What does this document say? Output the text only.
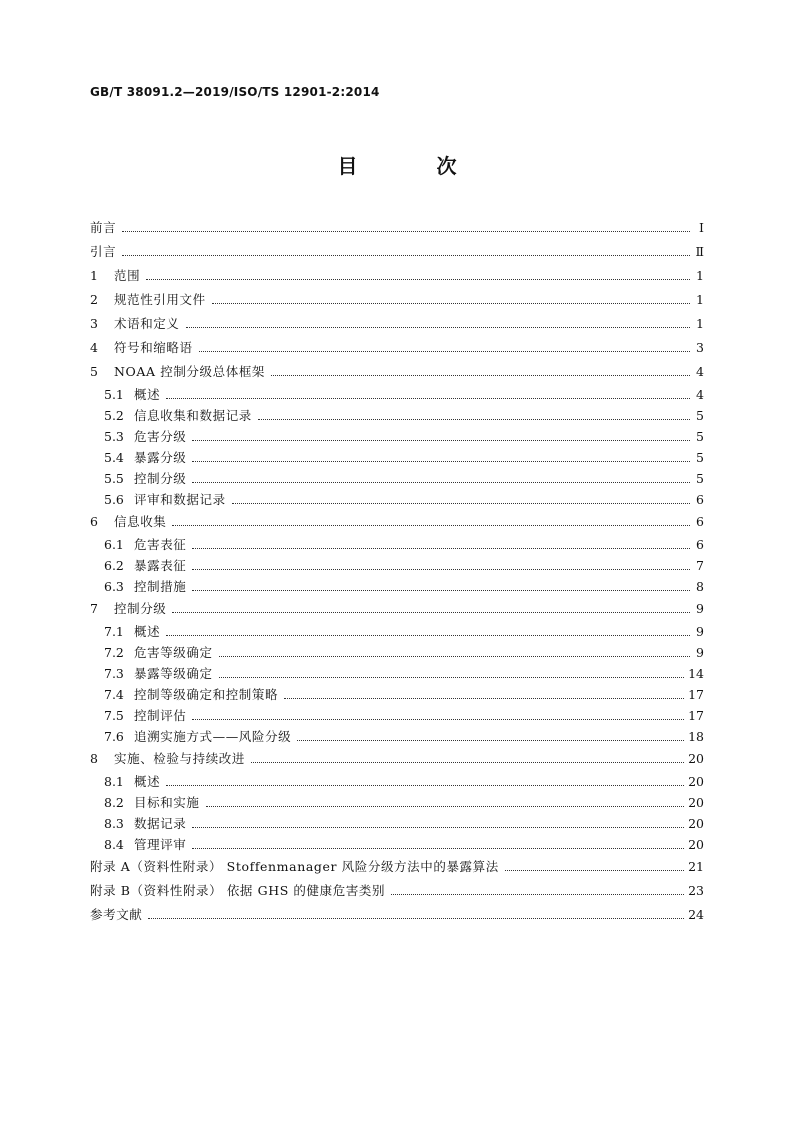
GB/T 38091.2—2019/ISO/TS 12901-2:2014
目 次
前言	Ⅰ
引言	Ⅱ
1	范围	1
2	规范性引用文件	1
3	术语和定义	1
4	符号和缩略语	3
5	NOAA 控制分级总体框架	4
5.1 概述	4
5.2 信息收集和数据记录	5
5.3 危害分级	5
5.4 暴露分级	5
5.5 控制分级	5
5.6 评审和数据记录	6
6	信息收集	6
6.1 危害表征	6
6.2 暴露表征	7
6.3 控制措施	8
7	控制分级	9
7.1 概述	9
7.2 危害等级确定	9
7.3 暴露等级确定	14
7.4 控制等级确定和控制策略	17
7.5 控制评估	17
7.6 追溯实施方式——风险分级	18
8	实施、检验与持续改进	20
8.1 概述	20
8.2 目标和实施	20
8.3 数据记录	20
8.4 管理评审	20
附录 A（资料性附录） Stoffenmanager 风险分级方法中的暴露算法	21
附录 B（资料性附录） 依据 GHS 的健康危害类别	23
参考文献	24
